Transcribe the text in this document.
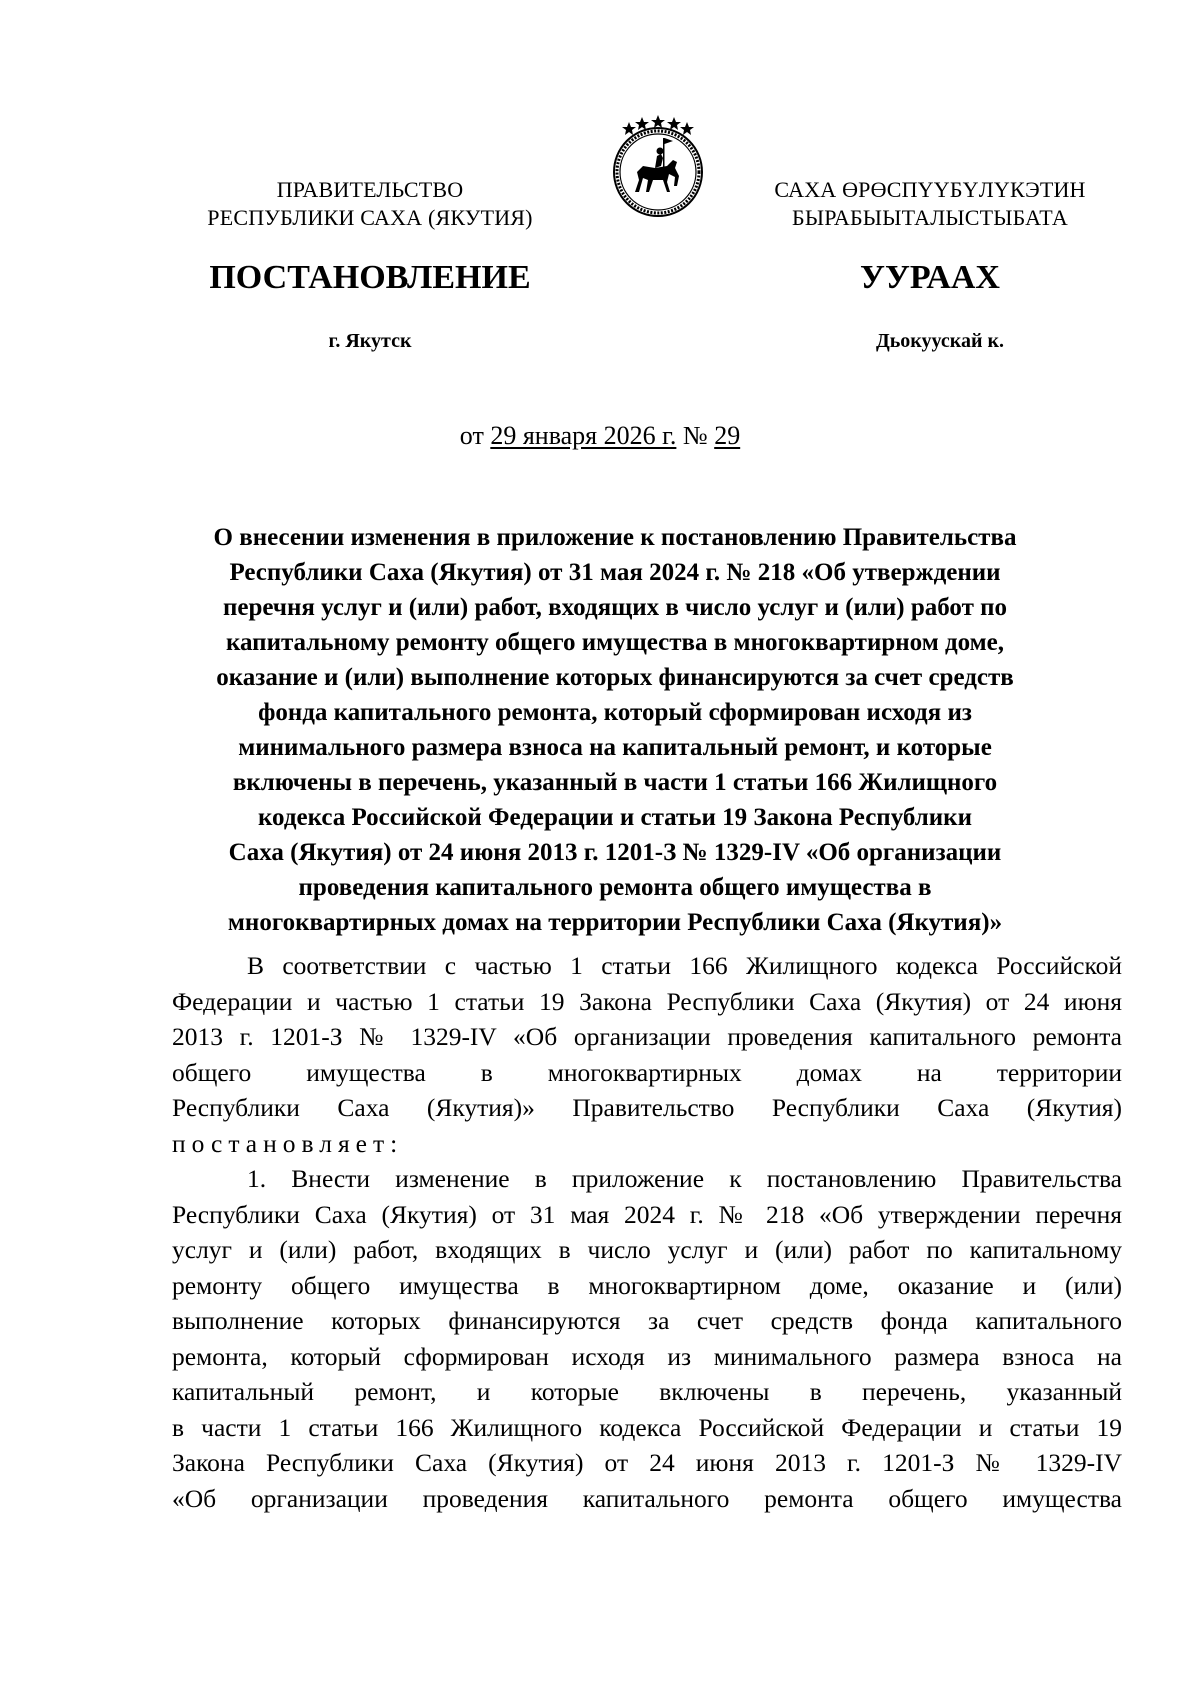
ПРАВИТЕЛЬСТВО
РЕСПУБЛИКИ САХА (ЯКУТИЯ)
САХА ӨРӨСПҮҮБҮЛҮКЭТИН
БЫРАБЫЫТАЛЫСТЫБАТА
ПОСТАНОВЛЕНИЕ	УУРААХ
г. Якутск	Дьокуускай к.
от 29 января 2026 г. № 29
О внесении изменения в приложение к постановлению Правительства
Республики Саха (Якутия) от 31 мая 2024 г. № 218 «Об утверждении
перечня услуг и (или) работ, входящих в число услуг и (или) работ по
капитальному ремонту общего имущества в многоквартирном доме,
оказание и (или) выполнение которых финансируются за счет средств
фонда капитального ремонта, который сформирован исходя из
минимального размера взноса на капитальный ремонт, и которые
включены в перечень, указанный в части 1 статьи 166 Жилищного
кодекса Российской Федерации и статьи 19 Закона Республики
Саха (Якутия) от 24 июня 2013 г. 1201-З № 1329-IV «Об организации
проведения капитального ремонта общего имущества в
многоквартирных домах на территории Республики Саха (Якутия)»
В соответствии с частью 1 статьи 166 Жилищного кодекса Российской
Федерации и частью 1 статьи 19 Закона Республики Саха (Якутия) от 24 июня
2013 г. 1201-З № 1329-IV «Об организации проведения капитального ремонта
общего имущества в многоквартирных домах на территории
Республики Саха (Якутия)» Правительство Республики Саха (Якутия)
постановляет:
1. Внести изменение в приложение к постановлению Правительства
Республики Саха (Якутия) от 31 мая 2024 г. № 218 «Об утверждении перечня
услуг и (или) работ, входящих в число услуг и (или) работ по капитальному
ремонту общего имущества в многоквартирном доме, оказание и (или)
выполнение которых финансируются за счет средств фонда капитального
ремонта, который сформирован исходя из минимального размера взноса на
капитальный ремонт, и которые включены в перечень, указанный
в части 1 статьи 166 Жилищного кодекса Российской Федерации и статьи 19
Закона Республики Саха (Якутия) от 24 июня 2013 г. 1201-З № 1329-IV
«Об организации проведения капитального ремонта общего имущества
